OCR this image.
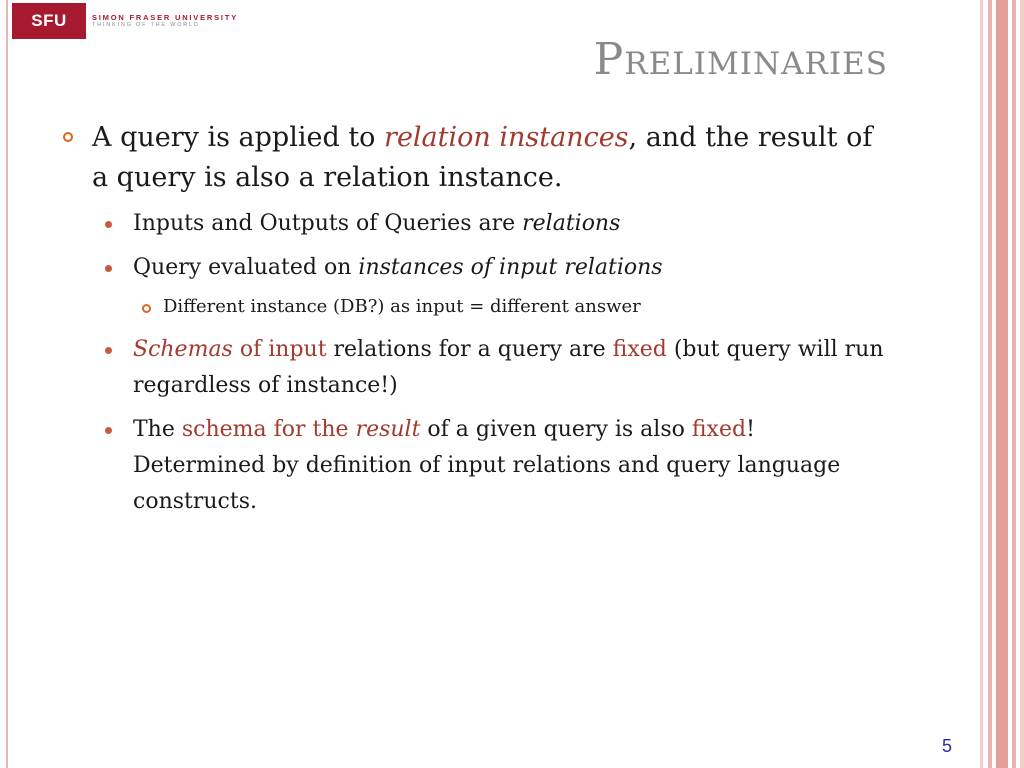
SFU	SIMON FRASER UNIVERSITY
THINKING OF THE WORLD
Preliminaries
A query is applied to relation instances, and the result of a query is also a relation instance.
Inputs and Outputs of Queries are relations
Query evaluated on instances of input relations
Different instance (DB?) as input = different answer
Schemas of input relations for a query are fixed (but query will run regardless of instance!)
The schema for the result of a given query is also fixed! Determined by definition of input relations and query language constructs.
5
